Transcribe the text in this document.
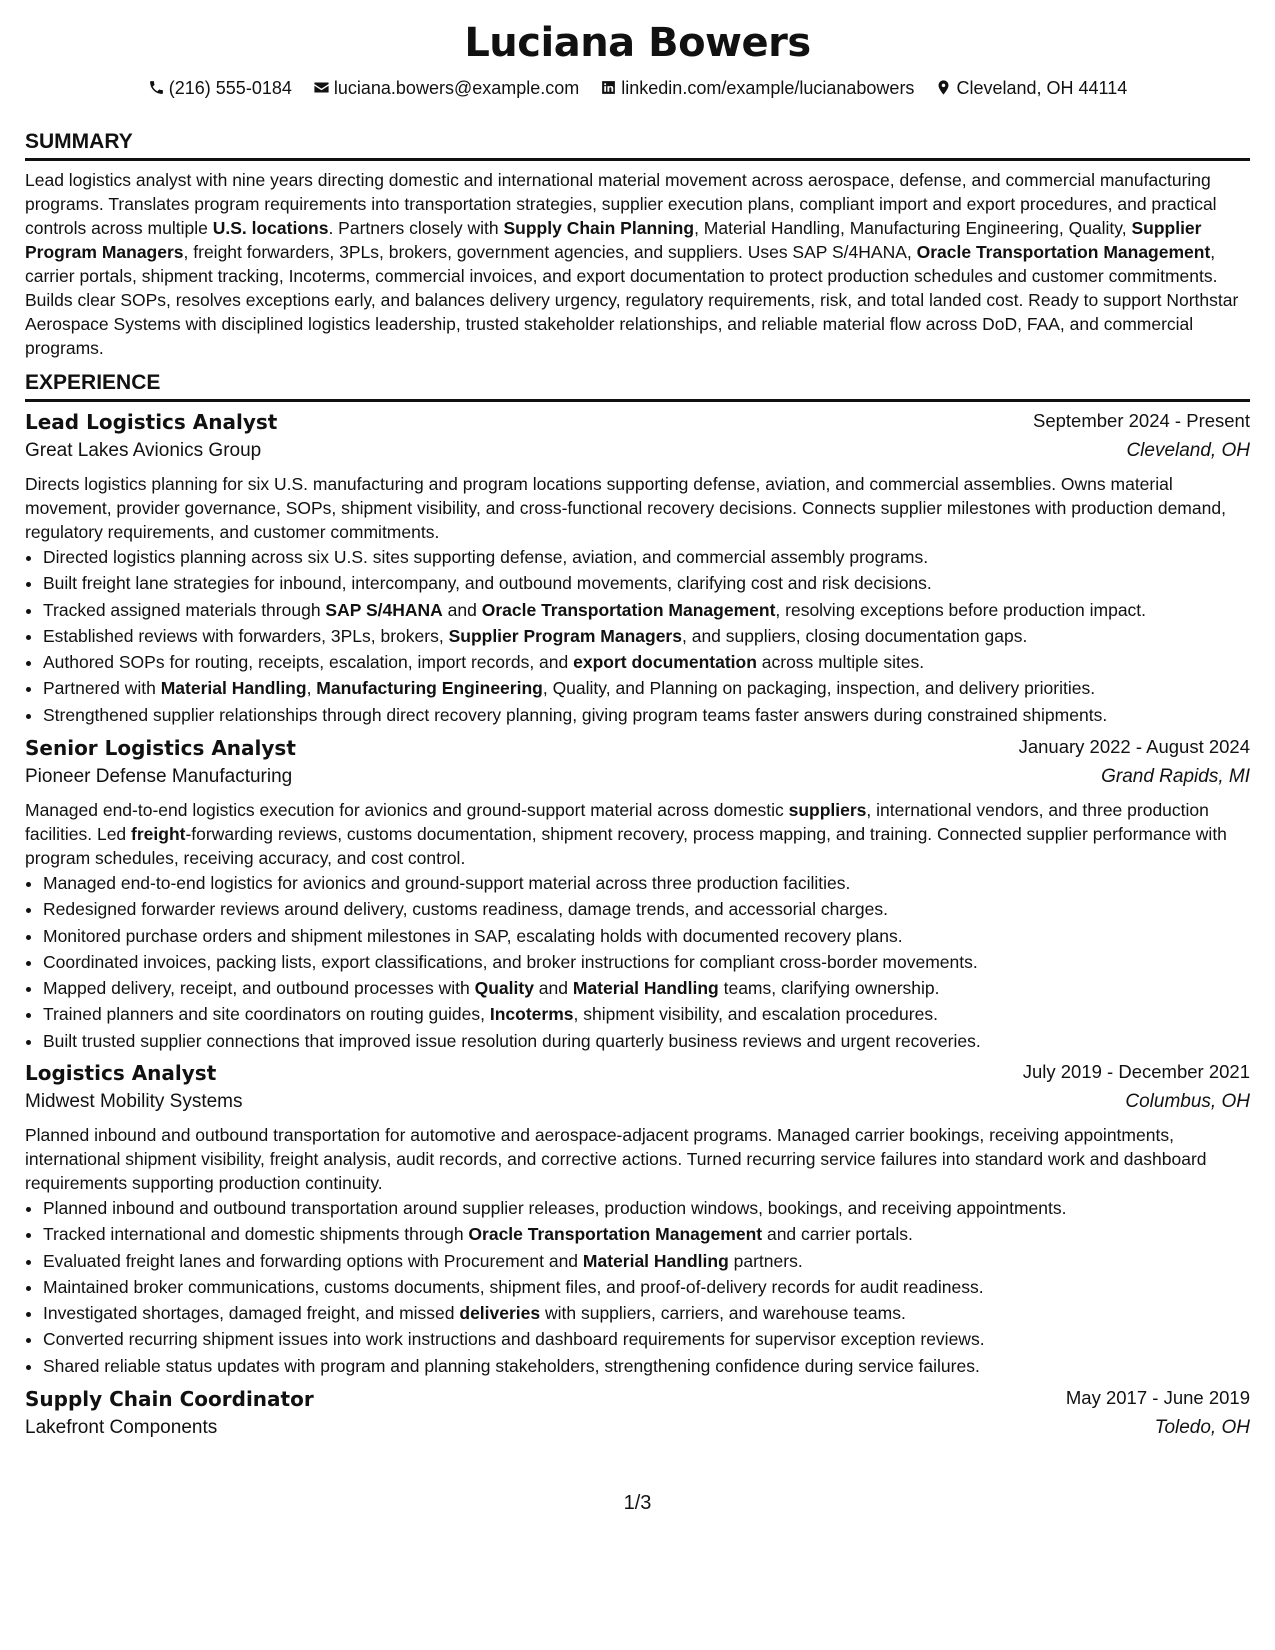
Luciana Bowers
(216) 555-0184 luciana.bowers@example.com linkedin.com/example/lucianabowers Cleveland, OH 44114
SUMMARY

Lead logistics analyst with nine years directing domestic and international material movement across aerospace, defense, and commercial manufacturing programs. Translates program requirements into transportation strategies, supplier execution plans, compliant import and export procedures, and practical controls across multiple U.S. locations. Partners closely with Supply Chain Planning, Material Handling, Manufacturing Engineering, Quality, Supplier Program Managers, freight forwarders, 3PLs, brokers, government agencies, and suppliers. Uses SAP S/4HANA, Oracle Transportation Management, carrier portals, shipment tracking, Incoterms, commercial invoices, and export documentation to protect production schedules and customer commitments. Builds clear SOPs, resolves exceptions early, and balances delivery urgency, regulatory requirements, risk, and total landed cost. Ready to support Northstar Aerospace Systems with disciplined logistics leadership, trusted stakeholder relationships, and reliable material flow across DoD, FAA, and commercial programs.

EXPERIENCE
Lead Logistics Analyst	September 2024 - Present
Great Lakes Avionics Group	Cleveland, OH

Directs logistics planning for six U.S. manufacturing and program locations supporting defense, aviation, and commercial assemblies. Owns material movement, provider governance, SOPs, shipment visibility, and cross-functional recovery decisions. Connects supplier milestones with production demand, regulatory requirements, and customer commitments.

• Directed logistics planning across six U.S. sites supporting defense, aviation, and commercial assembly programs.
• Built freight lane strategies for inbound, intercompany, and outbound movements, clarifying cost and risk decisions.
• Tracked assigned materials through SAP S/4HANA and Oracle Transportation Management, resolving exceptions before production impact.
• Established reviews with forwarders, 3PLs, brokers, Supplier Program Managers, and suppliers, closing documentation gaps.
• Authored SOPs for routing, receipts, escalation, import records, and export documentation across multiple sites.
• Partnered with Material Handling, Manufacturing Engineering, Quality, and Planning on packaging, inspection, and delivery priorities.
• Strengthened supplier relationships through direct recovery planning, giving program teams faster answers during constrained shipments.
Senior Logistics Analyst	January 2022 - August 2024
Pioneer Defense Manufacturing	Grand Rapids, MI

Managed end-to-end logistics execution for avionics and ground-support material across domestic suppliers, international vendors, and three production facilities. Led freight-forwarding reviews, customs documentation, shipment recovery, process mapping, and training. Connected supplier performance with program schedules, receiving accuracy, and cost control.

• Managed end-to-end logistics for avionics and ground-support material across three production facilities.
• Redesigned forwarder reviews around delivery, customs readiness, damage trends, and accessorial charges.
• Monitored purchase orders and shipment milestones in SAP, escalating holds with documented recovery plans.
• Coordinated invoices, packing lists, export classifications, and broker instructions for compliant cross-border movements.
• Mapped delivery, receipt, and outbound processes with Quality and Material Handling teams, clarifying ownership.
• Trained planners and site coordinators on routing guides, Incoterms, shipment visibility, and escalation procedures.
• Built trusted supplier connections that improved issue resolution during quarterly business reviews and urgent recoveries.
Logistics Analyst	July 2019 - December 2021
Midwest Mobility Systems	Columbus, OH

Planned inbound and outbound transportation for automotive and aerospace-adjacent programs. Managed carrier bookings, receiving appointments, international shipment visibility, freight analysis, audit records, and corrective actions. Turned recurring service failures into standard work and dashboard requirements supporting production continuity.

• Planned inbound and outbound transportation around supplier releases, production windows, bookings, and receiving appointments.
• Tracked international and domestic shipments through Oracle Transportation Management and carrier portals.
• Evaluated freight lanes and forwarding options with Procurement and Material Handling partners.
• Maintained broker communications, customs documents, shipment files, and proof-of-delivery records for audit readiness.
• Investigated shortages, damaged freight, and missed deliveries with suppliers, carriers, and warehouse teams.
• Converted recurring shipment issues into work instructions and dashboard requirements for supervisor exception reviews.
• Shared reliable status updates with program and planning stakeholders, strengthening confidence during service failures.
Supply Chain Coordinator	May 2017 - June 2019
Lakefront Components	Toledo, OH
1/3
